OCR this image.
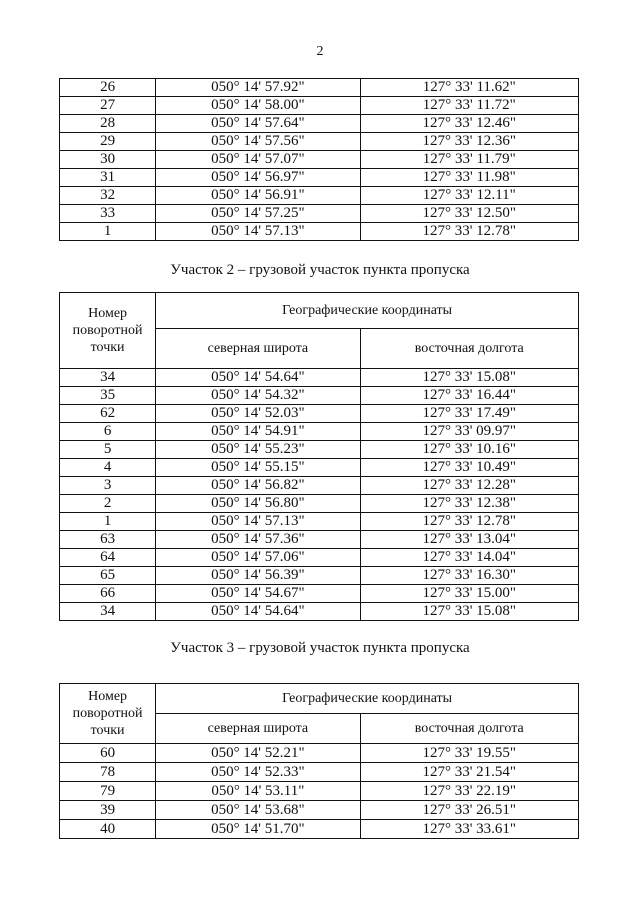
2
26	050° 14' 57.92"	127° 33' 11.62"
27	050° 14' 58.00"	127° 33' 11.72"
28	050° 14' 57.64"	127° 33' 12.46"
29	050° 14' 57.56"	127° 33' 12.36"
30	050° 14' 57.07"	127° 33' 11.79"
31	050° 14' 56.97"	127° 33' 11.98"
32	050° 14' 56.91"	127° 33' 12.11"
33	050° 14' 57.25"	127° 33' 12.50"
1	050° 14' 57.13"	127° 33' 12.78"
Участок 2 – грузовой участок пункта пропуска
Номер поворотной точки	Географические координаты	
	северная широта	восточная долгота
34	050° 14' 54.64"	127° 33' 15.08"
35	050° 14' 54.32"	127° 33' 16.44"
62	050° 14' 52.03"	127° 33' 17.49"
6	050° 14' 54.91"	127° 33' 09.97"
5	050° 14' 55.23"	127° 33' 10.16"
4	050° 14' 55.15"	127° 33' 10.49"
3	050° 14' 56.82"	127° 33' 12.28"
2	050° 14' 56.80"	127° 33' 12.38"
1	050° 14' 57.13"	127° 33' 12.78"
63	050° 14' 57.36"	127° 33' 13.04"
64	050° 14' 57.06"	127° 33' 14.04"
65	050° 14' 56.39"	127° 33' 16.30"
66	050° 14' 54.67"	127° 33' 15.00"
34	050° 14' 54.64"	127° 33' 15.08"
Участок 3 – грузовой участок пункта пропуска
Номер поворотной точки	Географические координаты	
	северная широта	восточная долгота
60	050° 14' 52.21"	127° 33' 19.55"
78	050° 14' 52.33"	127° 33' 21.54"
79	050° 14' 53.11"	127° 33' 22.19"
39	050° 14' 53.68"	127° 33' 26.51"
40	050° 14' 51.70"	127° 33' 33.61"
